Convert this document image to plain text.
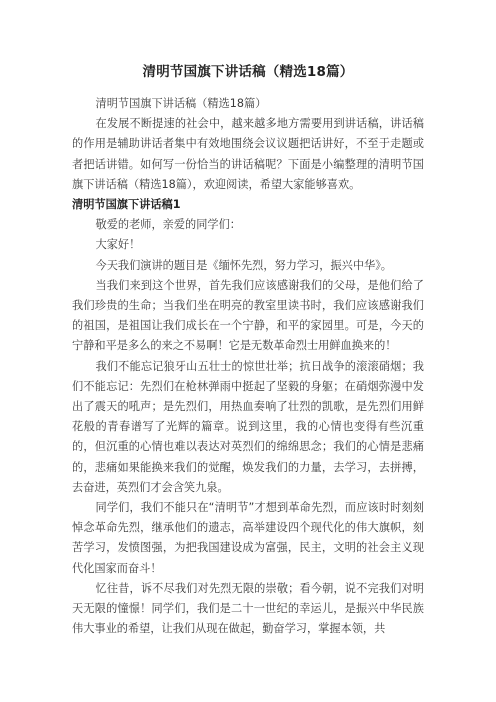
清明节国旗下讲话稿（精选18篇）

清明节国旗下讲话稿（精选18篇）

在发展不断提速的社会中，越来越多地方需要用到讲话稿，讲话稿的作用是辅助讲话者集中有效地围绕会议议题把话讲好，不至于走题或者把话讲错。如何写一份恰当的讲话稿呢？下面是小编整理的清明节国旗下讲话稿（精选18篇），欢迎阅读，希望大家能够喜欢。

清明节国旗下讲话稿1

敬爱的老师，亲爱的同学们：

大家好！

今天我们演讲的题目是《缅怀先烈，努力学习，振兴中华》。

当我们来到这个世界，首先我们应该感谢我们的父母，是他们给了我们珍贵的生命；当我们坐在明亮的教室里读书时，我们应该感谢我们的祖国，是祖国让我们成长在一个宁静，和平的家园里。可是，今天的宁静和平是多么的来之不易啊！它是无数革命烈士用鲜血换来的！

我们不能忘记狼牙山五壮士的惊世壮举；抗日战争的滚滚硝烟；我们不能忘记：先烈们在枪林弹雨中挺起了坚毅的身躯；在硝烟弥漫中发出了震天的吼声；是先烈们，用热血奏响了壮烈的凯歌，是先烈们用鲜花般的青春谱写了光辉的篇章。说到这里，我的心情也变得有些沉重的，但沉重的心情也难以表达对英烈们的绵绵思念；我们的心情是悲痛的，悲痛如果能换来我们的觉醒，焕发我们的力量，去学习，去拼搏，去奋进，英烈们才会含笑九泉。

同学们，我们不能只在“清明节”才想到革命先烈，而应该时时刻刻悼念革命先烈，继承他们的遗志，高举建设四个现代化的伟大旗帜，刻苦学习，发愤图强，为把我国建设成为富强，民主，文明的社会主义现代化国家而奋斗！

忆往昔，诉不尽我们对先烈无限的崇敬；看今朝，说不完我们对明天无限的憧憬！同学们，我们是二十一世纪的幸运儿，是振兴中华民族伟大事业的希望，让我们从现在做起，勤奋学习，掌握本领，共
